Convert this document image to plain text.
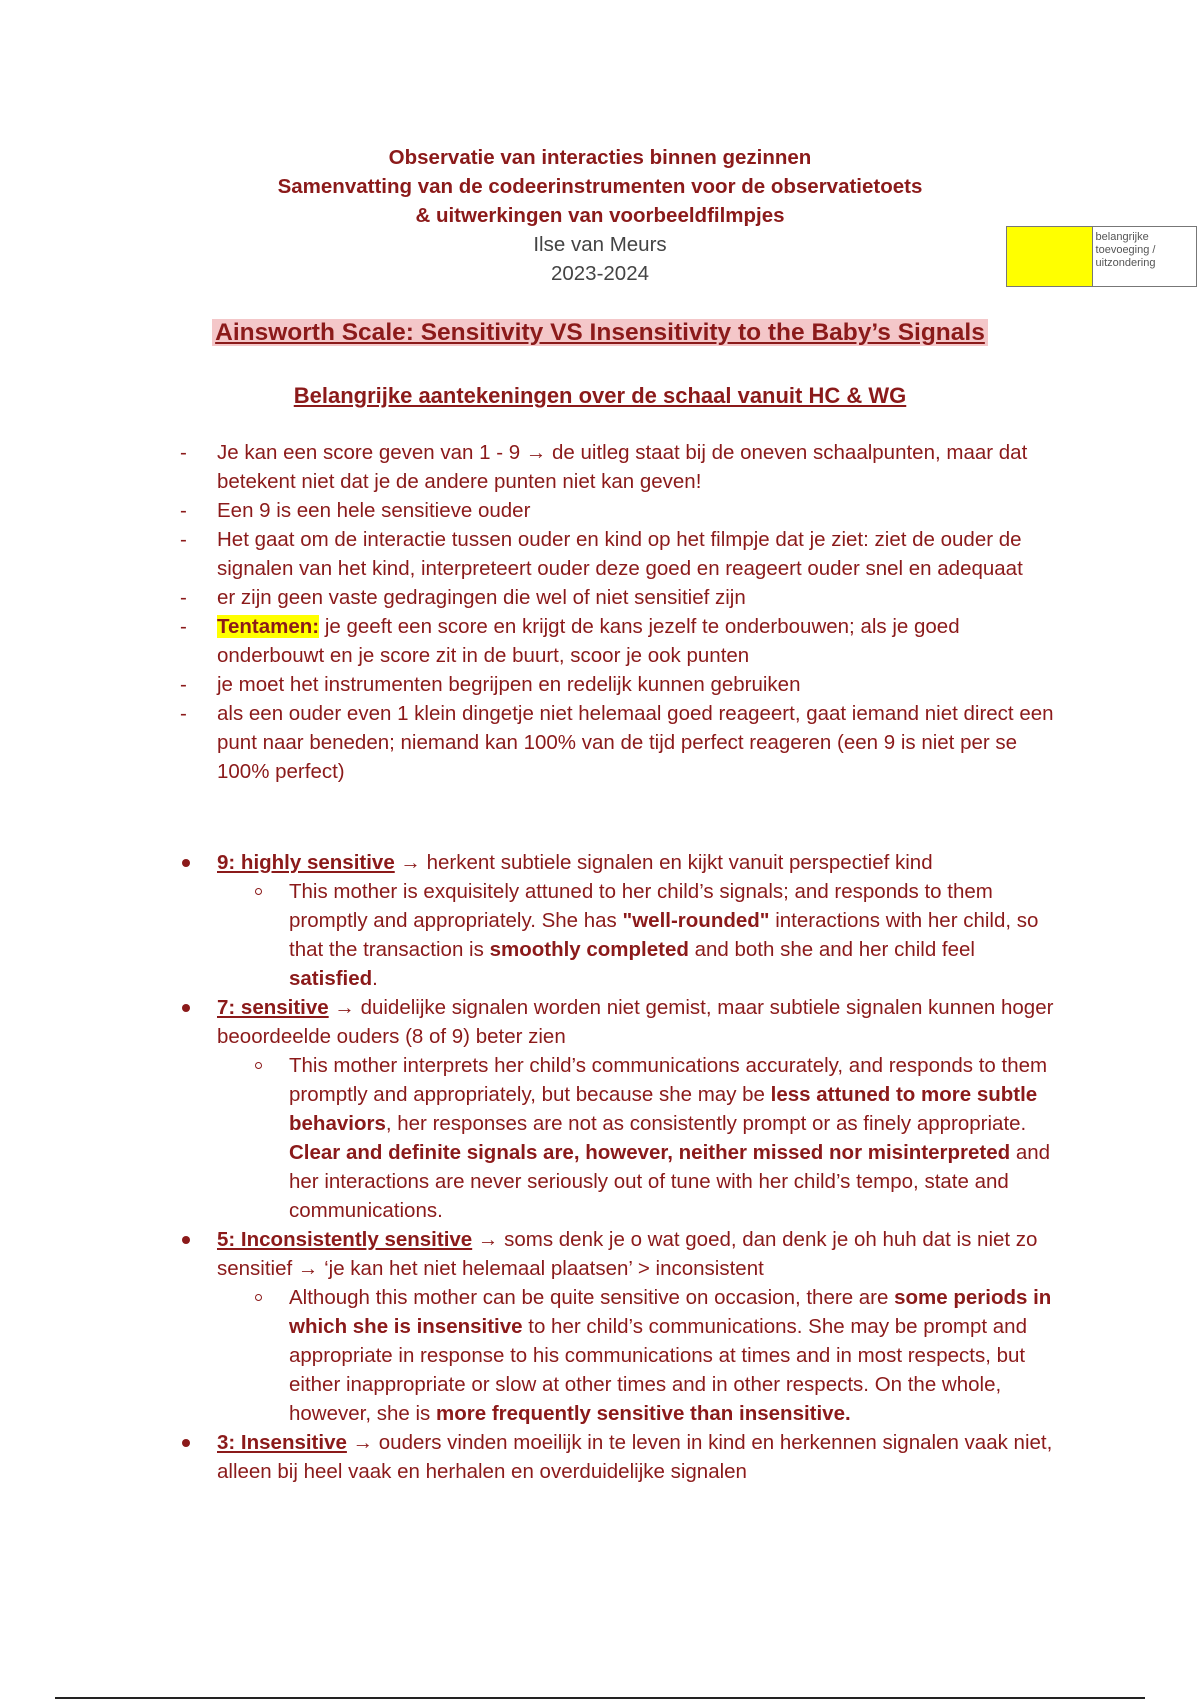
Observatie van interacties binnen gezinnen
Samenvatting van de codeerinstrumenten voor de observatietoets
& uitwerkingen van voorbeeldfilmpjes
Ilse van Meurs
2023-2024
belangrijke toevoeging / uitzondering
Ainsworth Scale: Sensitivity VS Insensitivity to the Baby’s Signals
Belangrijke aantekeningen over de schaal vanuit HC & WG
- Je kan een score geven van 1 - 9 → de uitleg staat bij de oneven schaalpunten, maar dat betekent niet dat je de andere punten niet kan geven!
- Een 9 is een hele sensitieve ouder
- Het gaat om de interactie tussen ouder en kind op het filmpje dat je ziet: ziet de ouder de signalen van het kind, interpreteert ouder deze goed en reageert ouder snel en adequaat
- er zijn geen vaste gedragingen die wel of niet sensitief zijn
- Tentamen: je geeft een score en krijgt de kans jezelf te onderbouwen; als je goed onderbouwt en je score zit in de buurt, scoor je ook punten
- je moet het instrumenten begrijpen en redelijk kunnen gebruiken
- als een ouder even 1 klein dingetje niet helemaal goed reageert, gaat iemand niet direct een punt naar beneden; niemand kan 100% van de tijd perfect reageren (een 9 is niet per se 100% perfect)
9: highly sensitive → herkent subtiele signalen en kijkt vanuit perspectief kind
This mother is exquisitely attuned to her child’s signals; and responds to them promptly and appropriately. She has "well-rounded" interactions with her child, so that the transaction is smoothly completed and both she and her child feel satisfied.
7: sensitive → duidelijke signalen worden niet gemist, maar subtiele signalen kunnen hoger beoordeelde ouders (8 of 9) beter zien
This mother interprets her child’s communications accurately, and responds to them promptly and appropriately, but because she may be less attuned to more subtle behaviors, her responses are not as consistently prompt or as finely appropriate. Clear and definite signals are, however, neither missed nor misinterpreted and her interactions are never seriously out of tune with her child’s tempo, state and communications.
5: Inconsistently sensitive → soms denk je o wat goed, dan denk je oh huh dat is niet zo sensitief → ‘je kan het niet helemaal plaatsen’ > inconsistent
Although this mother can be quite sensitive on occasion, there are some periods in which she is insensitive to her child’s communications. She may be prompt and appropriate in response to his communications at times and in most respects, but either inappropriate or slow at other times and in other respects. On the whole, however, she is more frequently sensitive than insensitive.
3: Insensitive → ouders vinden moeilijk in te leven in kind en herkennen signalen vaak niet, alleen bij heel vaak en herhalen en overduidelijke signalen
